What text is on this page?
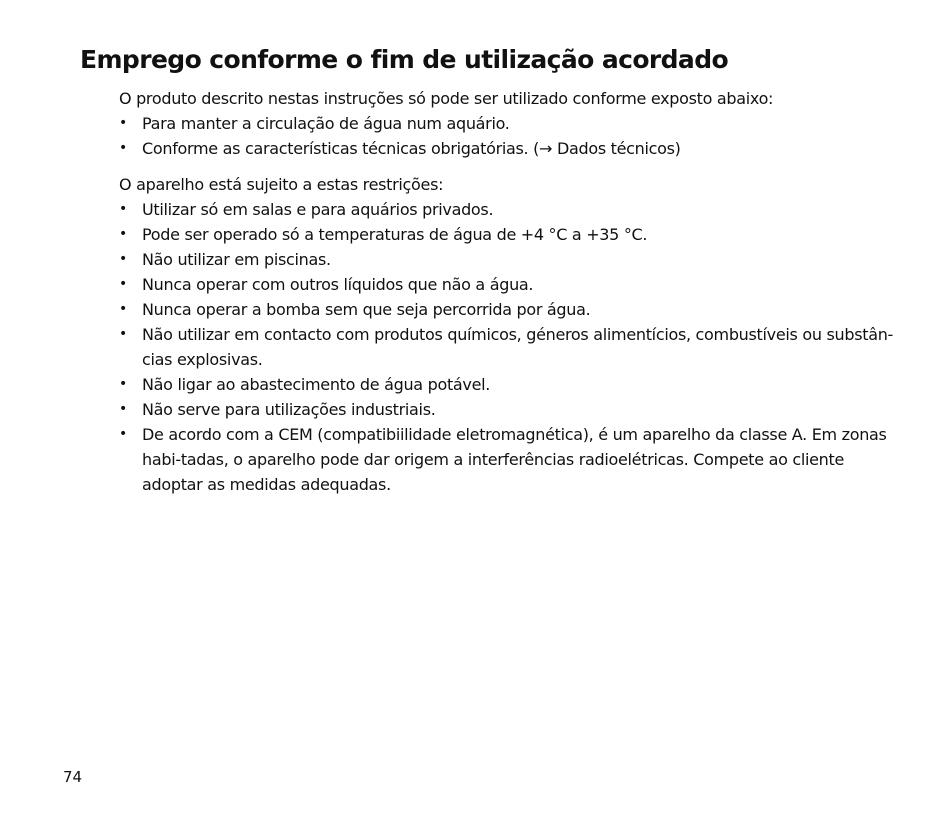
Emprego conforme o fim de utilização acordado

O produto descrito nestas instruções só pode ser utilizado conforme exposto abaixo:

• Para manter a circulação de água num aquário.
• Conforme as características técnicas obrigatórias. (→ Dados técnicos)

O aparelho está sujeito a estas restrições:

• Utilizar só em salas e para aquários privados.
• Pode ser operado só a temperaturas de água de +4 °C a +35 °C.
• Não utilizar em piscinas.
• Nunca operar com outros líquidos que não a água.
• Nunca operar a bomba sem que seja percorrida por água.
• Não utilizar em contacto com produtos químicos, géneros alimentícios, combustíveis ou substân-cias explosivas.
• Não ligar ao abastecimento de água potável.
• Não serve para utilizações industriais.
• De acordo com a CEM (compatibiilidade eletromagnética), é um aparelho da classe A. Em zonas habi-tadas, o aparelho pode dar origem a interferências radioelétricas. Compete ao cliente adoptar as medidas adequadas.
74
